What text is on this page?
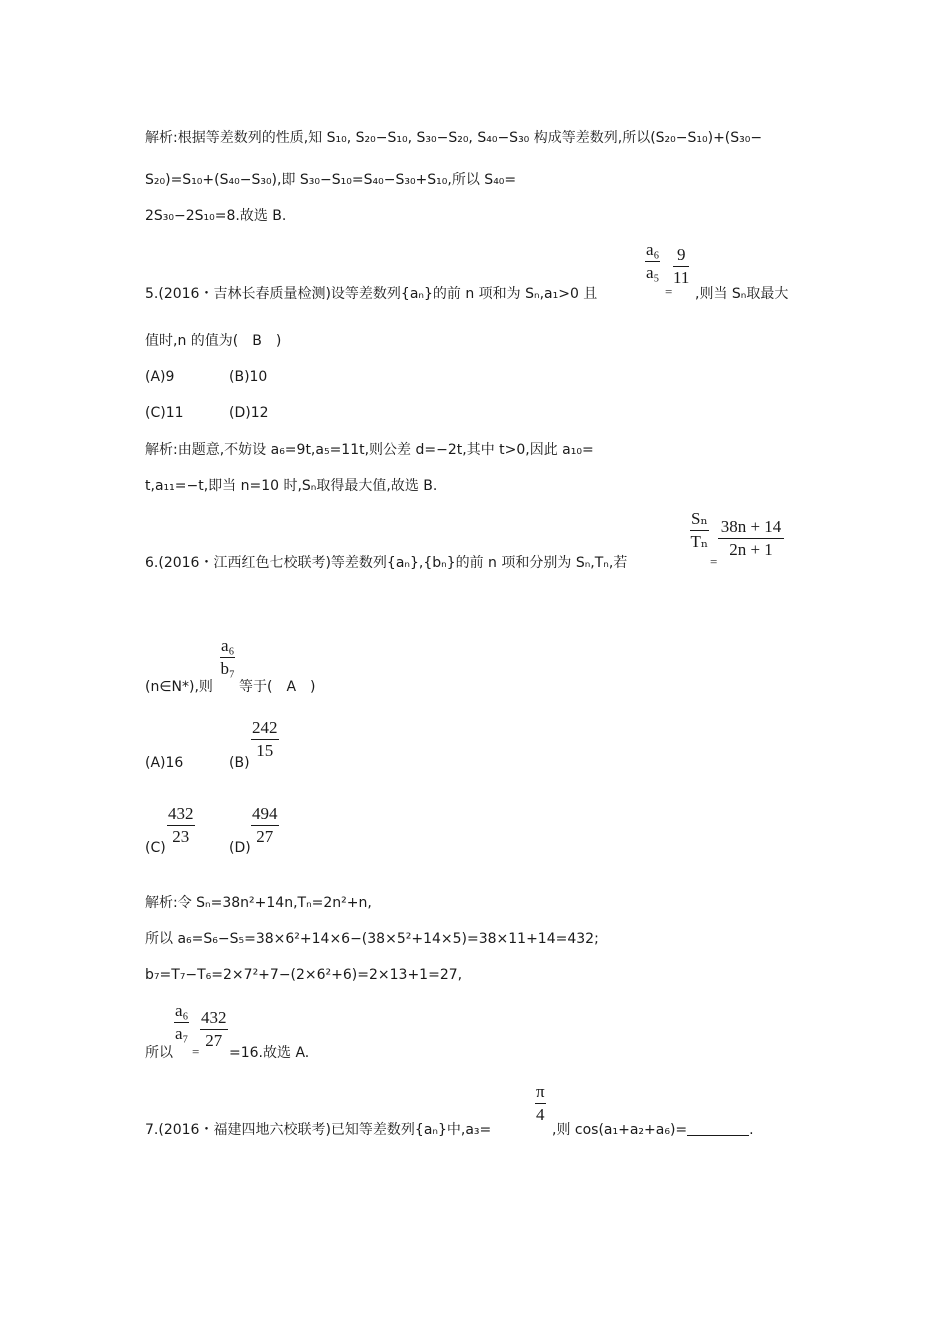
解析:根据等差数列的性质,知 S₁₀, S₂₀−S₁₀, S₃₀−S₂₀, S₄₀−S₃₀ 构成等差数列,所以(S₂₀−S₁₀)+(S₃₀−
S₂₀)=S₁₀+(S₄₀−S₃₀),即 S₃₀−S₁₀=S₄₀−S₃₀+S₁₀,所以 S₄₀=
2S₃₀−2S₁₀=8.故选 B.
5.(2016・吉林长春质量检测)设等差数列{aₙ}的前 n 项和为 Sₙ,a₁>0 且
$\frac{\text{a₆}}{\text{a₅}}$
=
$\frac{9}{11}$
,则当 Sₙ取最大
值时,n 的值为(　B　)
(A)9	(B)10
(C)11	(D)12
解析:由题意,不妨设 a₆=9t,a₅=11t,则公差 d=−2t,其中 t>0,因此 a₁₀=
t,a₁₁=−t,即当 n=10 时,Sₙ取得最大值,故选 B.
6.(2016・江西红色七校联考)等差数列{aₙ},{bₙ}的前 n 项和分别为 Sₙ,Tₙ,若
$\frac{\text{Sₙ}}{\text{Tₙ}}$
=
$\frac{38n + 14}{2n + 1}$
(n∈N*),则
$\frac{\text{a₆}}{\text{b₇}}$
等于(　A　)
(A)16	(B)
$\frac{242}{15}$
(C)
$\frac{432}{23}$
(D)
$\frac{494}{27}$
解析:令 Sₙ=38n²+14n,Tₙ=2n²+n,
所以 a₆=S₆−S₅=38×6²+14×6−(38×5²+14×5)=38×11+14=432;
b₇=T₇−T₆=2×7²+7−(2×6²+6)=2×13+1=27,
所以
$\frac{\text{a₆}}{\text{a₇}}$
=
$\frac{432}{27}$
=16.故选 A.
7.(2016・福建四地六校联考)已知等差数列{aₙ}中,a₃=
$\frac{\pi}{4}$
,则 cos(a₁+a₂+a₆)=	.
